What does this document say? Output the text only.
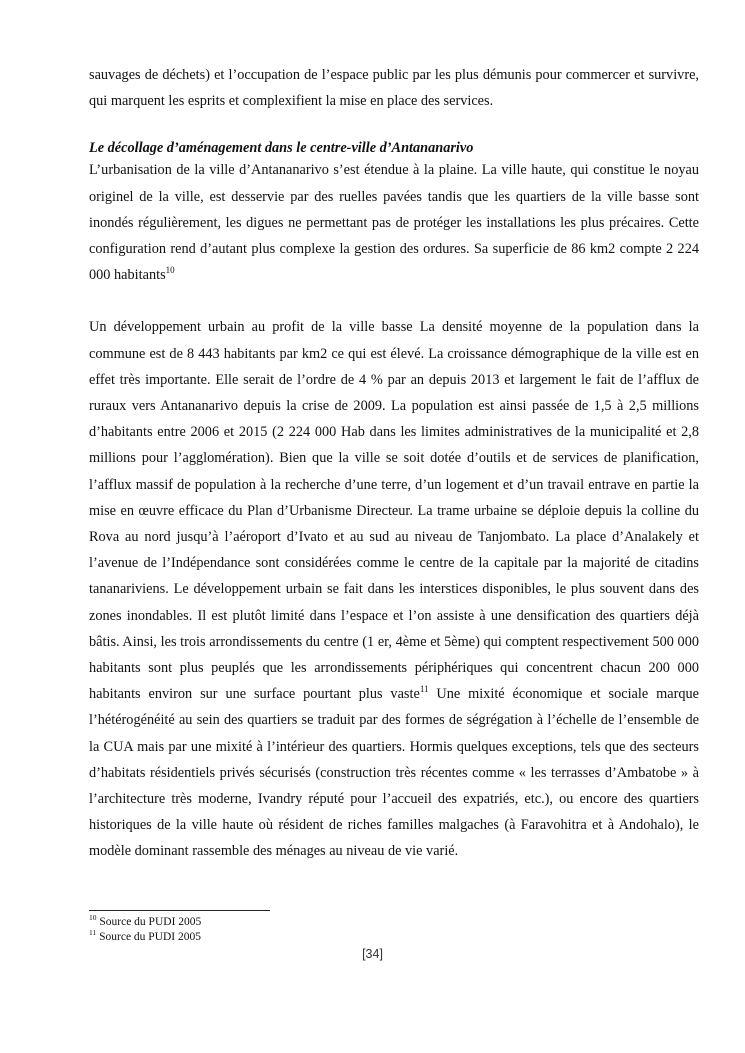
sauvages de déchets) et l’occupation de l’espace public par les plus démunis pour commercer et survivre, qui marquent les esprits et complexifient la mise en place des services.

Le décollage d’aménagement dans le centre-ville d’Antananarivo

L’urbanisation de la ville d’Antananarivo s’est étendue à la plaine. La ville haute, qui constitue le noyau originel de la ville, est desservie par des ruelles pavées tandis que les quartiers de la ville basse sont inondés régulièrement, les digues ne permettant pas de protéger les installations les plus précaires. Cette configuration rend d’autant plus complexe la gestion des ordures. Sa superficie de 86 km2 compte 2 224 000 habitants$^{10}$

Un développement urbain au profit de la ville basse La densité moyenne de la population dans la commune est de 8 443 habitants par km2 ce qui est élevé. La croissance démographique de la ville est en effet très importante. Elle serait de l’ordre de 4 % par an depuis 2013 et largement le fait de l’afflux de ruraux vers Antananarivo depuis la crise de 2009. La population est ainsi passée de 1,5 à 2,5 millions d’habitants entre 2006 et 2015 (2 224 000 Hab dans les limites administratives de la municipalité et 2,8 millions pour l’agglomération). Bien que la ville se soit dotée d’outils et de services de planification, l’afflux massif de population à la recherche d’une terre, d’un logement et d’un travail entrave en partie la mise en œuvre efficace du Plan d’Urbanisme Directeur. La trame urbaine se déploie depuis la colline du Rova au nord jusqu’à l’aéroport d’Ivato et au sud au niveau de Tanjombato. La place d’Analakely et l’avenue de l’Indépendance sont considérées comme le centre de la capitale par la majorité de citadins tananariviens. Le développement urbain se fait dans les interstices disponibles, le plus souvent dans des zones inondables. Il est plutôt limité dans l’espace et l’on assiste à une densification des quartiers déjà bâtis. Ainsi, les trois arrondissements du centre (1 er, 4ème et 5ème) qui comptent respectivement 500 000 habitants sont plus peuplés que les arrondissements périphériques qui concentrent chacun 200 000 habitants environ sur une surface pourtant plus vaste$^{11}$ Une mixité économique et sociale marque l’hétérogénéité au sein des quartiers se traduit par des formes de ségrégation à l’échelle de l’ensemble de la CUA mais par une mixité à l’intérieur des quartiers. Hormis quelques exceptions, tels que des secteurs d’habitats résidentiels privés sécurisés (construction très récentes comme « les terrasses d’Ambatobe » à l’architecture très moderne, Ivandry réputé pour l’accueil des expatriés, etc.), ou encore des quartiers historiques de la ville haute où résident de riches familles malgaches (à Faravohitra et à Andohalo), le modèle dominant rassemble des ménages au niveau de vie varié.

$^{10}$ Source du PUDI 2005
$^{11}$ Source du PUDI 2005
[34]
